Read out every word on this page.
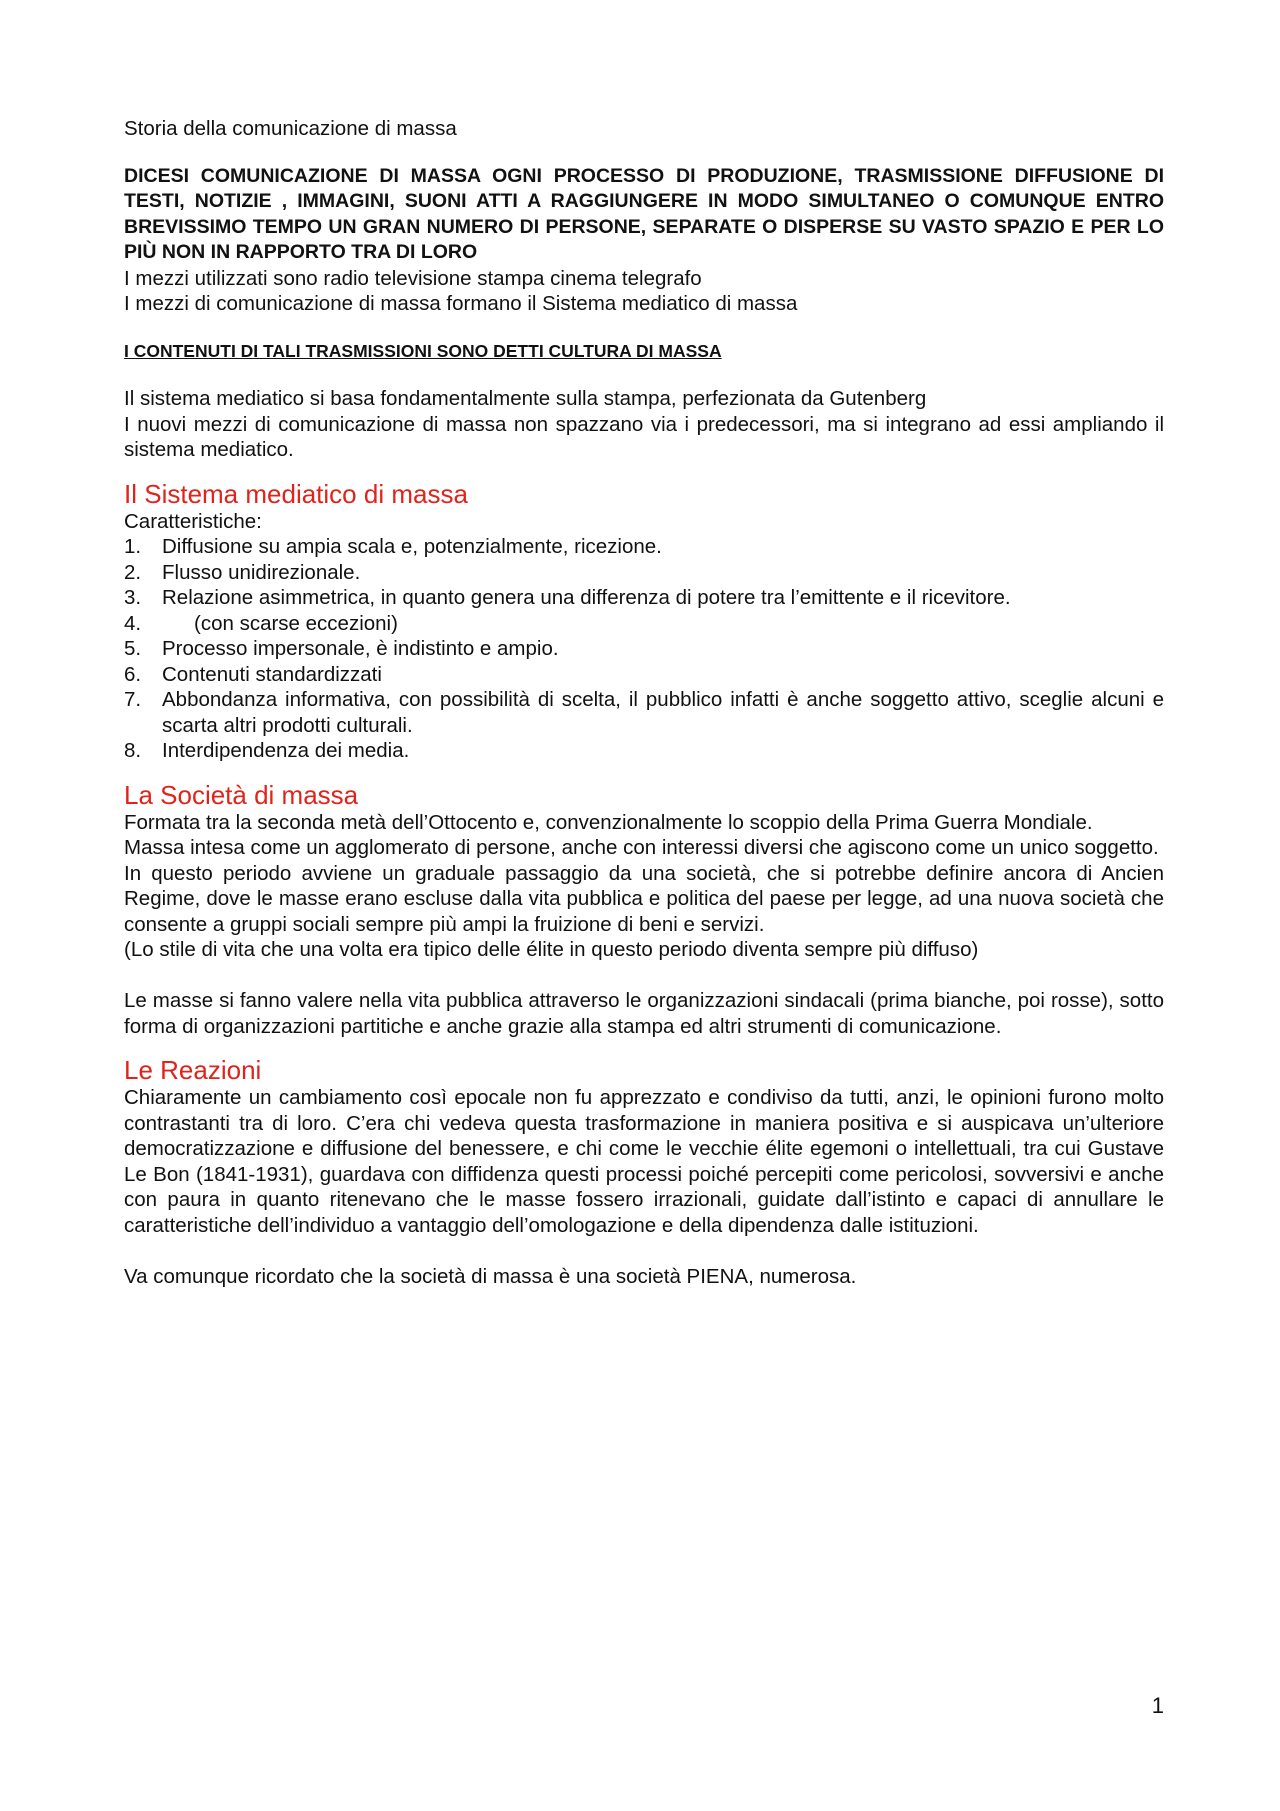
Storia della comunicazione di massa

DICESI COMUNICAZIONE DI MASSA OGNI PROCESSO DI PRODUZIONE, TRASMISSIONE DIFFUSIONE DI TESTI, NOTIZIE , IMMAGINI, SUONI ATTI A RAGGIUNGERE IN MODO SIMULTANEO O COMUNQUE ENTRO BREVISSIMO TEMPO UN GRAN NUMERO DI PERSONE, SEPARATE O DISPERSE SU VASTO SPAZIO E PER LO PIÙ NON IN RAPPORTO TRA DI LORO

I mezzi utilizzati sono radio televisione stampa cinema telegrafo

I mezzi di comunicazione di massa formano il Sistema mediatico di massa

I CONTENUTI DI TALI TRASMISSIONI SONO DETTI CULTURA DI MASSA

Il sistema mediatico si basa fondamentalmente sulla stampa, perfezionata da Gutenberg

I nuovi mezzi di comunicazione di massa non spazzano via i predecessori, ma si integrano ad essi ampliando il sistema mediatico.

Il Sistema mediatico di massa

Caratteristiche:

1.	Diffusione su ampia scala e, potenzialmente, ricezione.
2.	Flusso unidirezionale.
3.	Relazione asimmetrica, in quanto genera una differenza di potere tra l’emittente e il ricevitore.
4.	(con scarse eccezioni)
5.	Processo impersonale, è indistinto e ampio.
6.	Contenuti standardizzati
7.	Abbondanza informativa, con possibilità di scelta, il pubblico infatti è anche soggetto attivo, sceglie alcuni e scarta altri prodotti culturali.
8.	Interdipendenza dei media.
La Società di massa

Formata tra la seconda metà dell’Ottocento e, convenzionalmente lo scoppio della Prima Guerra Mondiale.

Massa intesa come un agglomerato di persone, anche con interessi diversi che agiscono come un unico soggetto.

In questo periodo avviene un graduale passaggio da una società, che si potrebbe definire ancora di Ancien Regime, dove le masse erano escluse dalla vita pubblica e politica del paese per legge, ad una nuova società che consente a gruppi sociali sempre più ampi la fruizione di beni e servizi.

(Lo stile di vita che una volta era tipico delle élite in questo periodo diventa sempre più diffuso)

Le masse si fanno valere nella vita pubblica attraverso le organizzazioni sindacali (prima bianche, poi rosse), sotto forma di organizzazioni partitiche e anche grazie alla stampa ed altri strumenti di comunicazione.

Le Reazioni

Chiaramente un cambiamento così epocale non fu apprezzato e condiviso da tutti, anzi, le opinioni furono molto contrastanti tra di loro. C’era chi vedeva questa trasformazione in maniera positiva e si auspicava un’ulteriore democratizzazione e diffusione del benessere, e chi come le vecchie élite egemoni o intellettuali, tra cui Gustave Le Bon (1841-1931), guardava con diffidenza questi processi poiché percepiti come pericolosi, sovversivi e anche con paura in quanto ritenevano che le masse fossero irrazionali, guidate dall’istinto e capaci di annullare le caratteristiche dell’individuo a vantaggio dell’omologazione e della dipendenza dalle istituzioni.

Va comunque ricordato che la società di massa è una società PIENA, numerosa.

1
